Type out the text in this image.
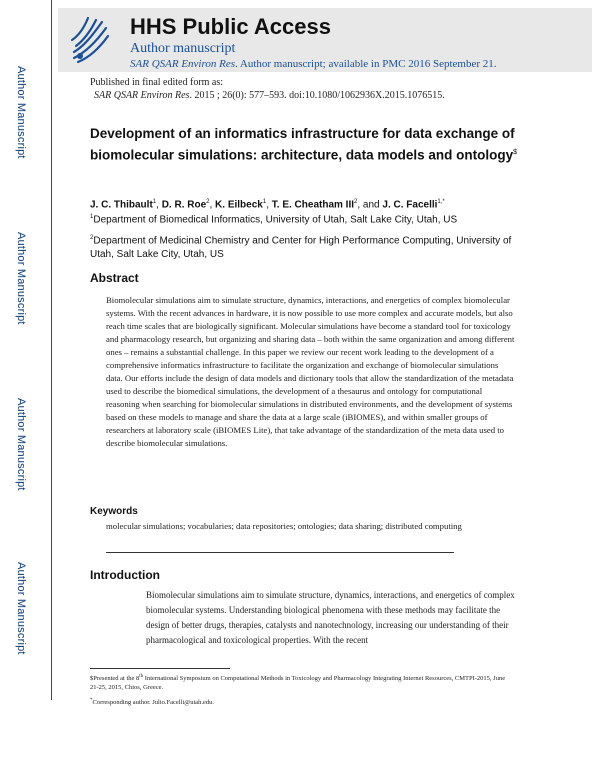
Author Manuscript
Author Manuscript
Author Manuscript
Author Manuscript
HHS Public Access
Author manuscript
SAR QSAR Environ Res. Author manuscript; available in PMC 2016 September 21.
Published in final edited form as:
SAR QSAR Environ Res. 2015 ; 26(0): 577–593. doi:10.1080/1062936X.2015.1076515.
Development of an informatics infrastructure for data exchange of biomolecular simulations: architecture, data models and ontology$
J. C. Thibault$^1$, D. R. Roe$^2$, K. Eilbeck$^1$, T. E. Cheatham III$^2$, and J. C. Facelli$^{1,*}$
$^1$Department of Biomedical Informatics, University of Utah, Salt Lake City, Utah, US
$^2$Department of Medicinal Chemistry and Center for High Performance Computing, University of Utah, Salt Lake City, Utah, US
Abstract
Biomolecular simulations aim to simulate structure, dynamics, interactions, and energetics of complex biomolecular systems. With the recent advances in hardware, it is now possible to use more complex and accurate models, but also reach time scales that are biologically significant. Molecular simulations have become a standard tool for toxicology and pharmacology research, but organizing and sharing data – both within the same organization and among different ones – remains a substantial challenge. In this paper we review our recent work leading to the development of a comprehensive informatics infrastructure to facilitate the organization and exchange of biomolecular simulations data. Our efforts include the design of data models and dictionary tools that allow the standardization of the metadata used to describe the biomedical simulations, the development of a thesaurus and ontology for computational reasoning when searching for biomolecular simulations in distributed environments, and the development of systems based on these models to manage and share the data at a large scale (iBIOMES), and within smaller groups of researchers at laboratory scale (iBIOMES Lite), that take advantage of the standardization of the meta data used to describe biomolecular simulations.
Keywords
molecular simulations; vocabularies; data repositories; ontologies; data sharing; distributed computing
Introduction
Biomolecular simulations aim to simulate structure, dynamics, interactions, and energetics of complex biomolecular systems. Understanding biological phenomena with these methods may facilitate the design of better drugs, therapies, catalysts and nanotechnology, increasing our understanding of their pharmacological and toxicological properties. With the recent
$Presented at the 8th International Symposium on Computational Methods in Toxicology and Pharmacology Integrating Internet Resources, CMTPI-2015, June 21-25, 2015, Chios, Greece.
*Corresponding author. Julio.Facelli@utah.edu.
